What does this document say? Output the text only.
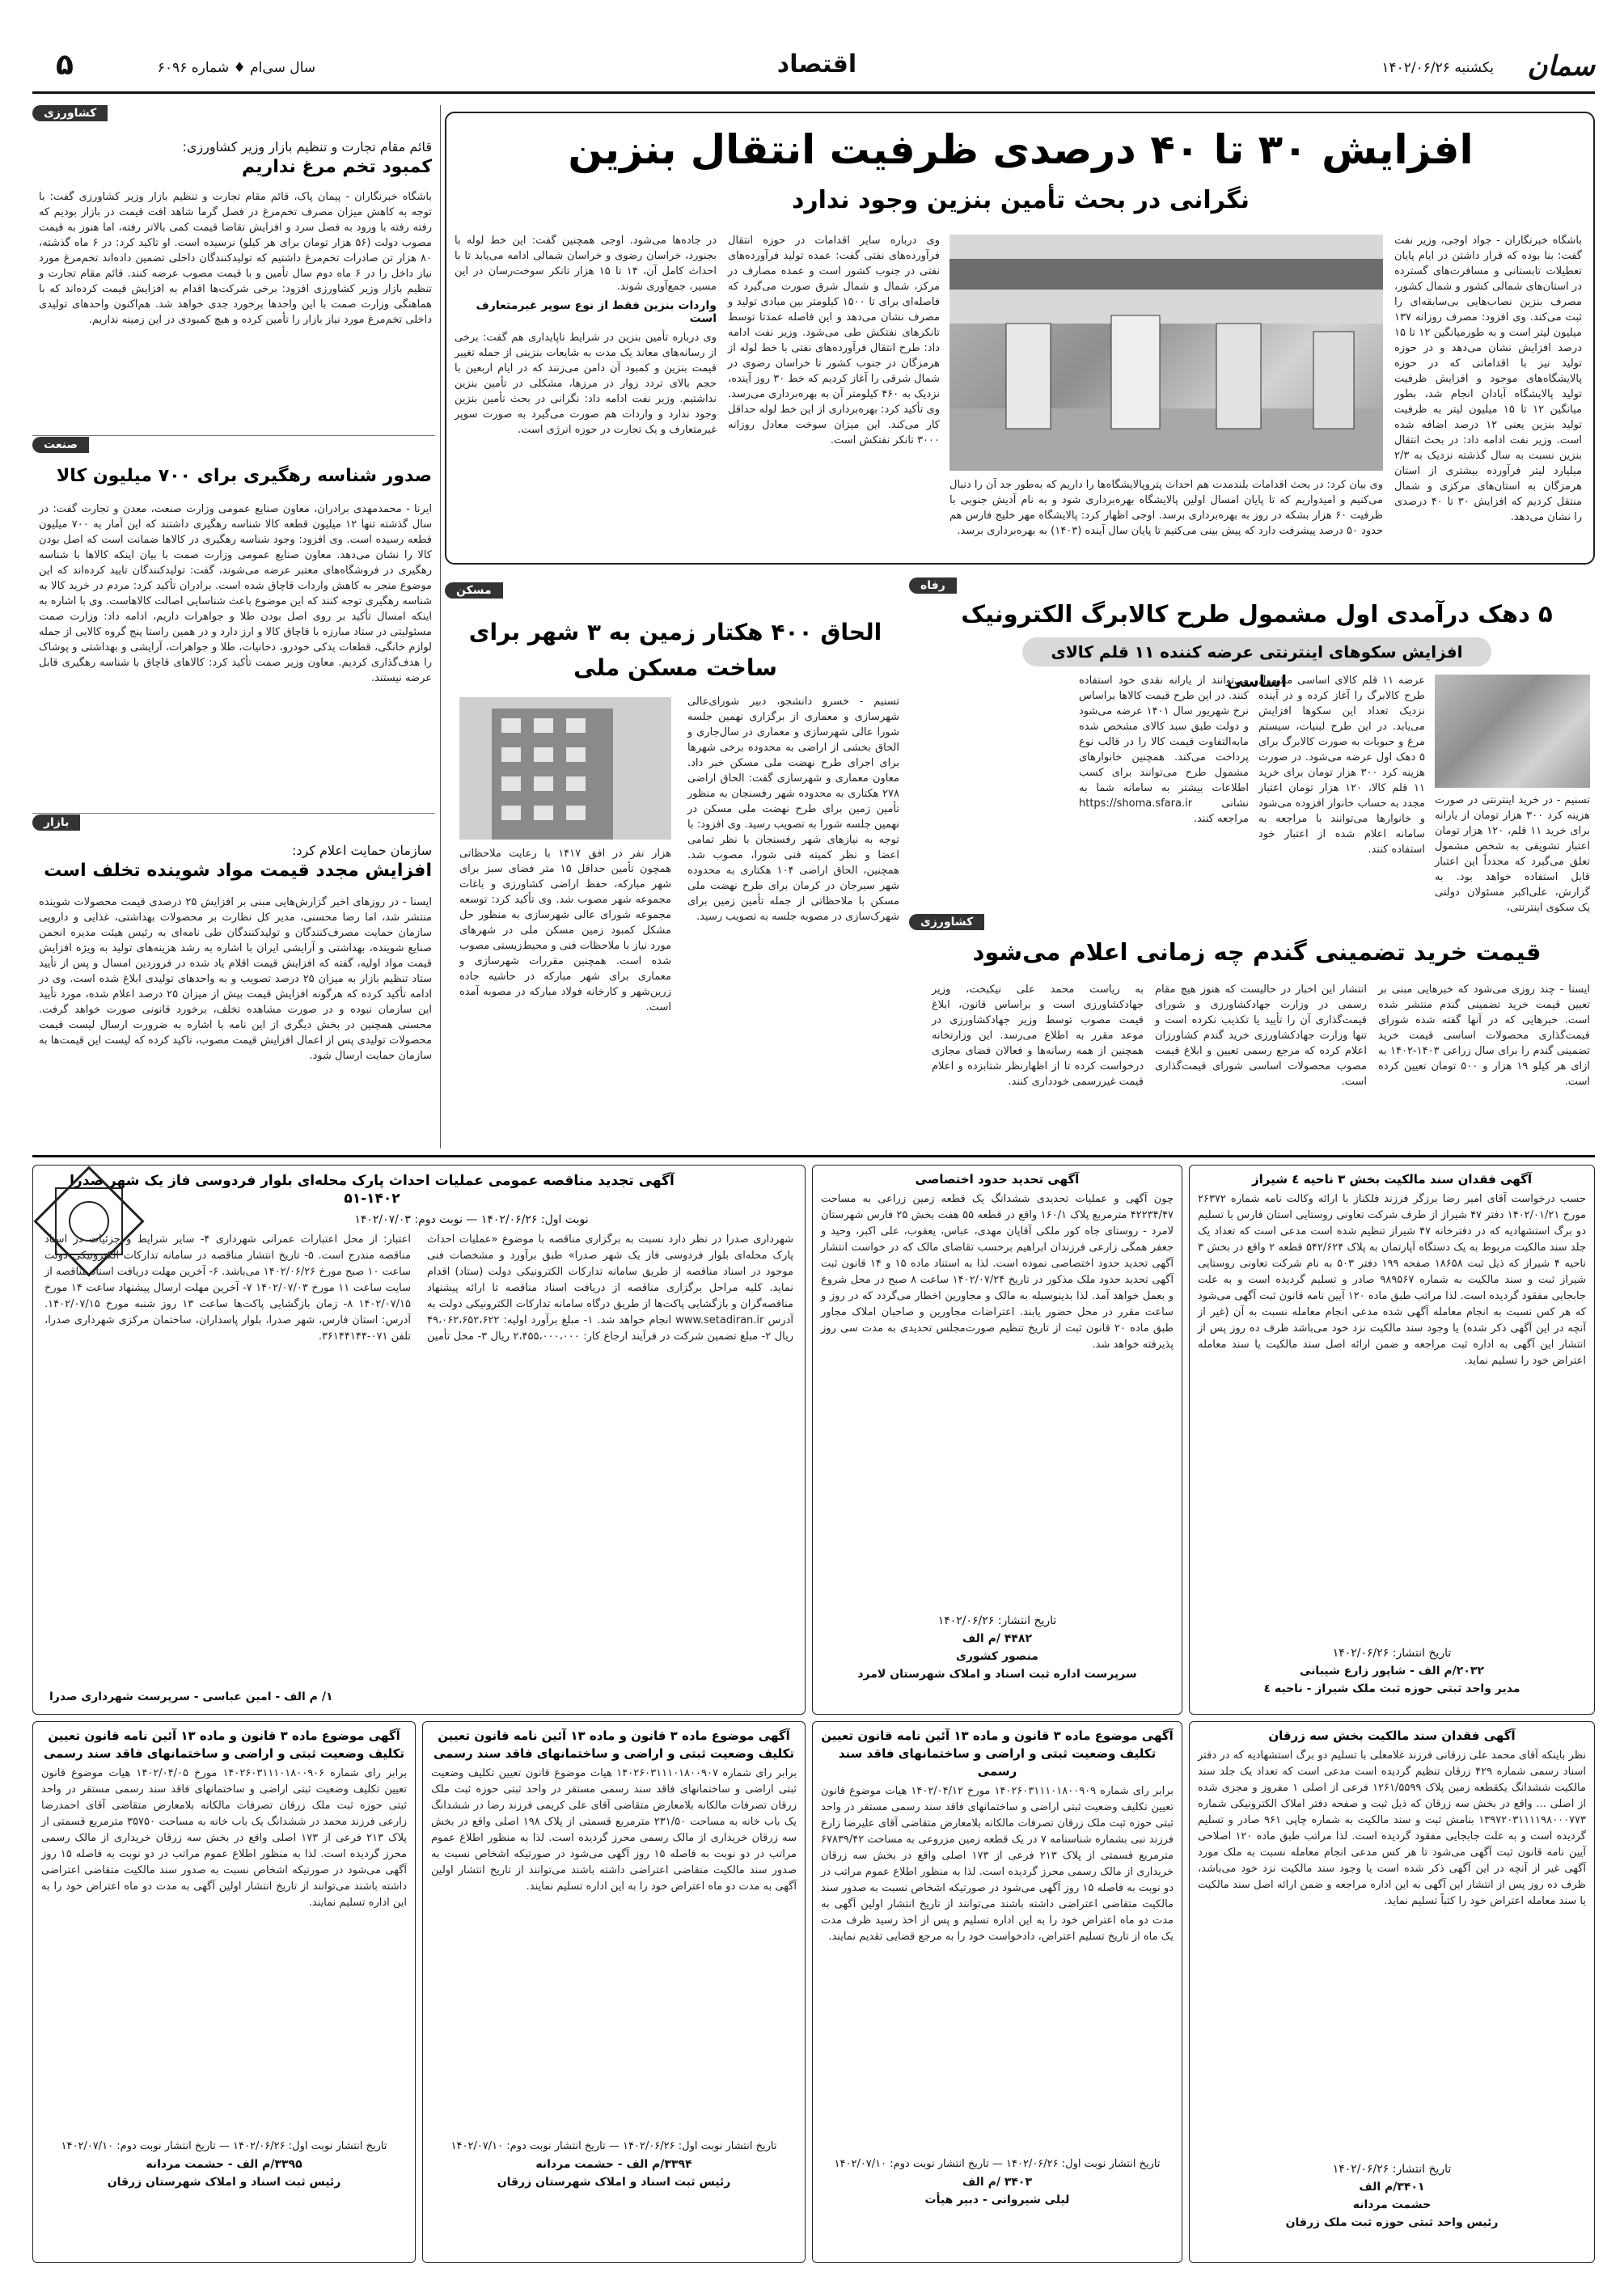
سمان
یکشنبه ۱۴۰۲/۰۶/۲۶
اقتصاد
سال سی‌ام ♦ شماره ۶۰۹۶
۵
افزایش ۳۰ تا ۴۰ درصدی ظرفیت انتقال بنزین
نگرانی در بحث تأمین بنزین وجود ندارد
باشگاه خبرنگاران - جواد اوجی، وزیر نفت گفت: بنا بوده که قرار داشتن در ایام پایان تعطیلات تابستانی و مسافرت‌های گسترده در استان‌های شمالی کشور و شمال کشور، مصرف بنزین نصاب‌هایی بی‌سابقه‌ای را ثبت می‌کند. وی افزود: مصرف روزانه ۱۳۷ میلیون لیتر است و به طورمیانگین ۱۲ تا ۱۵ درصد افزایش نشان می‌دهد و در حوزه تولید نیز با اقداماتی که در حوزه پالایشگاه‌های موجود و افزایش ظرفیت تولید پالایشگاه آبادان انجام شد، بطور میانگین ۱۲ تا ۱۵ میلیون لیتر به ظرفیت تولید بنزین یعنی ۱۲ درصد اضافه شده است. وزیر نفت ادامه داد: در بحث انتقال بنزین نسبت به سال گذشته نزدیک به ۲/۳ میلیارد لیتر فرآورده بیشتری از استان هرمزگان به استان‌های مرکزی و شمال منتقل کردیم که افزایش ۳۰ تا ۴۰ درصدی را نشان می‌دهد.
وی بیان کرد: در بحث اقدامات بلندمدت هم احداث پتروپالایشگاه‌ها را داریم که به‌طور جد آن را دنبال می‌کنیم و امیدواریم که تا پایان امسال اولین پالایشگاه بهره‌برداری شود و به نام آدیش جنوبی با ظرفیت ۶۰ هزار بشکه در روز به بهره‌برداری برسد. اوجی اظهار کرد: پالایشگاه مهر خلیج فارس هم حدود ۵۰ درصد پیشرفت دارد که پیش بینی می‌کنیم تا پایان سال آینده (۱۴۰۳) به بهره‌برداری برسد.
وی درباره سایر اقدامات در حوزه انتقال فرآورده‌های نفتی گفت: عمده تولید فرآورده‌های نفتی در جنوب کشور است و عمده مصارف در مرکز، شمال و شمال شرق صورت می‌گیرد که فاصله‌ای برای تا ۱۵۰۰ کیلومتر بین مبادی تولید و مصرف نشان می‌دهد و این فاصله عمدتا توسط تانکرهای نفتکش طی می‌شود. وزیر نفت ادامه داد: طرح انتقال فرآورده‌های نفتی با خط لوله از هرمزگان در جنوب کشور تا خراسان رضوی در شمال شرقی را آغاز کردیم که خط ۳۰ روز آینده، نزدیک به ۴۶۰ کیلومتر آن به بهره‌برداری می‌رسد. وی تأکید کرد: بهره‌برداری از این خط لوله حداقل کار می‌کند. این میزان سوخت معادل روزانه ۳۰۰۰ تانکر نفتکش است.
در جاده‌ها می‌شود. اوجی همچنین گفت: این خط لوله با بجنورد، خراسان رضوی و خراسان شمالی ادامه می‌یابد تا با احداث کامل آن، ۱۴ تا ۱۵ هزار تانکر سوخت‌رسان در این مسیر، جمع‌آوری شوند.
واردات بنزین فقط از نوع سوپر غیرمتعارف است
وی درباره تأمین بنزین در شرایط ناپایداری هم گفت: برخی از رسانه‌های معاند یک مدت به شایعات بنزینی از جمله تغییر قیمت بنزین و کمبود آن دامن می‌زنند که در ایام اربعین با حجم بالای تردد زوار در مرزها، مشکلی در تأمین بنزین نداشتیم. وزیر نفت ادامه داد: نگرانی در بحث تأمین بنزین وجود ندارد و واردات هم صورت می‌گیرد به صورت سوپر غیرمتعارف و یک تجارت در حوزه انرژی است.
کشاورزی
قائم مقام تجارت و تنظیم بازار وزیر کشاورزی:
کمبود تخم مرغ نداریم
باشگاه خبرنگاران - پیمان پاک، قائم مقام تجارت و تنظیم بازار وزیر کشاورزی گفت: با توجه به کاهش میزان مصرف تخم‌مرغ در فصل گرما شاهد افت قیمت در بازار بودیم که رفته رفته با ورود به فصل سرد و افزایش تقاضا قیمت کمی بالاتر رفته، اما هنوز به قیمت مصوب دولت (۵۶ هزار تومان برای هر کیلو) نرسیده است. او تاکید کرد: در ۶ ماه گذشته، ۸۰ هزار تن صادرات تخم‌مرغ داشتیم که تولیدکنندگان داخلی تضمین داده‌اند تخم‌مرغ مورد نیاز داخل را در ۶ ماه دوم سال تأمین و با قیمت مصوب عرضه کنند. قائم مقام تجارت و تنظیم بازار وزیر کشاورزی افزود: برخی شرکت‌ها اقدام به افزایش قیمت کرده‌اند که با هماهنگی وزارت صمت با این واحدها برخورد جدی خواهد شد. هم‌اکنون واحدهای تولیدی داخلی تخم‌مرغ مورد نیاز بازار را تأمین کرده و هیچ کمبودی در این زمینه نداریم.
صنعت
صدور شناسه رهگیری برای ۷۰۰ میلیون کالا
ایرنا - محمدمهدی برادران، معاون صنایع عمومی وزارت صنعت، معدن و تجارت گفت: در سال گذشته تنها ۱۲ میلیون قطعه کالا شناسه رهگیری داشتند که این آمار به ۷۰۰ میلیون قطعه رسیده است. وی افزود: وجود شناسه رهگیری در کالاها ضمانت است که اصل بودن کالا را نشان می‌دهد. معاون صنایع عمومی وزارت صمت با بیان اینکه کالاها با شناسه رهگیری در فروشگاه‌های معتبر عرضه می‌شوند، گفت: تولیدکنندگان تایید کرده‌اند که این موضوع منجر به کاهش واردات قاچاق شده است. برادران تأکید کرد: مردم در خرید کالا به شناسه رهگیری توجه کنند که این موضوع باعث شناسایی اصالت کالاهاست. وی با اشاره به اینکه امسال تأکید بر روی اصل بودن طلا و جواهرات داریم، ادامه داد: وزارت صمت مسئولیتی در ستاد مبارزه با قاچاق کالا و ارز دارد و در همین راستا پنج گروه کالایی از جمله لوازم خانگی، قطعات یدکی خودرو، دخانیات، طلا و جواهرات، آرایشی و بهداشتی و پوشاک را هدف‌گذاری کردیم. معاون وزیر صمت تأکید کرد: کالاهای قاچاق با شناسه رهگیری قابل عرضه نیستند.
بازار
سازمان حمایت اعلام کرد:
افزایش مجدد قیمت مواد شوینده تخلف است
ایسنا - در روزهای اخیر گزارش‌هایی مبنی بر افزایش ۲۵ درصدی قیمت محصولات شوینده منتشر شد، اما رضا محسنی، مدیر کل نظارت بر محصولات بهداشتی، غذایی و دارویی سازمان حمایت مصرف‌کنندگان و تولیدکنندگان طی نامه‌ای به رئیس هیئت مدیره انجمن صنایع شوینده، بهداشتی و آرایشی ایران با اشاره به رشد هزینه‌های تولید به ویژه افزایش قیمت مواد اولیه، گفته که افزایش قیمت اقلام یاد شده در فروردین امسال و پس از تأیید ستاد تنظیم بازار به میزان ۲۵ درصد تصویب و به واحدهای تولیدی ابلاغ شده است. وی در ادامه تأکید کرده که هرگونه افزایش قیمت بیش از میزان ۲۵ درصد اعلام شده، مورد تأیید این سازمان نبوده و در صورت مشاهده تخلف، برخورد قانونی صورت خواهد گرفت. محسنی همچنین در بخش دیگری از این نامه با اشاره به ضرورت ارسال لیست قیمت محصولات تولیدی پس از اعمال افزایش قیمت مصوب، تاکید کرده که لیست این قیمت‌ها به سازمان حمایت ارسال شود.
رفاه
۵ دهک درآمدی اول مشمول طرح کالابرگ الکترونیک
افزایش سکوهای اینترنتی عرضه کننده ۱۱ قلم کالای اساسی
تسنیم - در خرید اینترنتی در صورت هزینه کرد ۳۰۰ هزار تومان از یارانه برای خرید ۱۱ قلم، ۱۲۰ هزار تومان اعتبار تشویقی به شخص مشمول تعلق می‌گیرد که مجدداً این اعتبار قابل استفاده خواهد بود. به گزارش، علی‌اکبر مسئولان دولتی یک سکوی اینترنتی،
عرضه ۱۱ قلم کالای اساسی مشمول طرح کالابرگ را آغاز کرده و در آینده نزدیک تعداد این سکوها افزایش می‌یابد. در این طرح لبنیات، سیستم مرغ و حبوبات به صورت کالابرگ برای ۵ دهک اول عرضه می‌شود. در صورت هزینه کرد ۳۰۰ هزار تومان برای خرید ۱۱ قلم کالا، ۱۲۰ هزار تومان اعتبار مجدد به حساب خانوار افزوده می‌شود و خانوارها می‌توانند با مراجعه به سامانه اعلام شده از اعتبار خود استفاده کنند.
می‌توانند از یارانه نقدی خود استفاده کنند. در این طرح قیمت کالاها براساس نرخ شهریور سال ۱۴۰۱ عرضه می‌شود و دولت طبق سبد کالای مشخص شده مابه‌التفاوت قیمت کالا را در قالب نوع پرداخت می‌کند. همچنین خانوارهای مشمول طرح می‌توانند برای کسب اطلاعات بیشتر به سامانه شما به نشانی https://shoma.sfara.ir مراجعه کنند.
کشاورزی
قیمت خرید تضمینی گندم چه زمانی اعلام می‌شود
ایسنا - چند روزی می‌شود که خبرهایی مبنی بر تعیین قیمت خرید تضمینی گندم منتشر شده است. خبرهایی که در آنها گفته شده شورای قیمت‌گذاری محصولات اساسی قیمت خرید تضمینی گندم را برای سال زراعی ۱۴۰۳-۱۴۰۲ به ازای هر کیلو ۱۹ هزار و ۵۰۰ تومان تعیین کرده است.
انتشار این اخبار در حالیست که هنوز هیچ مقام رسمی در وزارت جهادکشاورزی و شورای قیمت‌گذاری آن را تأیید یا تکذیب نکرده است و تنها وزارت جهادکشاورزی خرید گندم کشاورزان اعلام کرده که مرجع رسمی تعیین و ابلاغ قیمت مصوب محصولات اساسی شورای قیمت‌گذاری است.
به ریاست محمد علی نیکبخت، وزیر جهادکشاورزی است و براساس قانون، ابلاغ قیمت مصوب توسط وزیر جهادکشاورزی در موعد مقرر به اطلاع می‌رسد. این وزارتخانه همچنین از همه رسانه‌ها و فعالان فضای مجازی درخواست کرده تا از اظهارنظر شتابزده و اعلام قیمت غیررسمی خودداری کنند.
مسکن
الحاق ۴۰۰ هکتار زمین به ۳ شهر برای ساخت مسکن ملی
تسنیم - خسرو دانشجو، دبیر شورای‌عالی شهرسازی و معماری از برگزاری نهمین جلسه شورا عالی شهرسازی و معماری در سال‌جاری و الحاق بخشی از اراضی به محدوده برخی شهرها برای اجرای طرح نهضت ملی مسکن خبر داد. معاون معماری و شهرسازی گفت: الحاق اراضی ۲۷۸ هکتاری به محدوده شهر رفسنجان به منظور تأمین زمین برای طرح نهضت ملی مسکن در نهمین جلسه شورا به تصویب رسید. وی افزود: با توجه به نیازهای شهر رفسنجان با نظر تمامی اعضا و نظر کمیته فنی شورا، مصوب شد. همچنین، الحاق اراضی ۱۰۴ هکتاری به محدوده شهر سیرجان در کرمان برای طرح نهضت ملی مسکن با ملاحظاتی از جمله تأمین زمین برای شهرک‌سازی در مصوبه جلسه به تصویب رسید.
هزار نفر در افق ۱۴۱۷ با رعایت ملاحظاتی همچون تأمین حداقل ۱۵ متر فضای سبز برای شهر مبارکه، حفظ اراضی کشاورزی و باغات مجموعه شهر مصوب شد. وی تأکید کرد: توسعه مجموعه شورای عالی شهرسازی به منظور حل مشکل کمبود زمین مسکن ملی در شهرهای مورد نیاز با ملاحظات فنی و محیط‌زیستی مصوب شده است. همچنین مقررات شهرسازی و معماری برای شهر مبارکه در حاشیه جاده زرین‌شهر و کارخانه فولاد مبارکه در مصوبه آمده است.
آگهی فقدان سند مالکیت بخش ۳ ناحیه ٤ شیراز
حسب درخواست آقای امیر رضا برزگر فرزند فلکناز با ارائه وکالت نامه شماره ۲۶۳۷۲ مورخ ۱۴۰۲/۰۱/۲۱ دفتر ۴۷ شیراز از طرف شرکت تعاونی روستایی استان فارس با تسلیم دو برگ استشهادیه که در دفترخانه ۴۷ شیراز تنظیم شده است مدعی است که تعداد یک جلد سند مالکیت مربوط به یک دستگاه آپارتمان به پلاک ۵۴۲/۶۲۴ قطعه ۲ واقع در بخش ۳ ناحیه ۴ شیراز که ذیل ثبت ۱۸۶۵۸ صفحه ۱۹۹ دفتر ۵۰۳ به نام شرکت تعاونی روستایی شیراز ثبت و سند مالکیت به شماره ۹۸۹۵۶۷ صادر و تسلیم گردیده است و به علت جابجایی مفقود گردیده است. لذا مراتب طبق ماده ۱۲۰ آیین نامه قانون ثبت آگهی می‌شود که هر کس نسبت به انجام معامله آگهی شده مدعی انجام معامله نسبت به آن (غیر از آنچه در این آگهی ذکر شده) یا وجود سند مالکیت نزد خود می‌باشد ظرف ده روز پس از انتشار این آگهی به اداره ثبت مراجعه و ضمن ارائه اصل سند مالکیت یا سند معامله اعتراض خود را تسلیم نماید.
تاریخ انتشار: ۱۴۰۲/۰۶/۲۶
۲۰۳۲/م الف - شاپور زارع شیبانی
مدیر واحد ثبتی حوزه ثبت ملک شیراز - ناحیه ٤
آگهی تحدید حدود اختصاصی
چون آگهی و عملیات تحدیدی ششدانگ یک قطعه زمین زراعی به مساحت ۴۲۲۳۴/۴۷ مترمربع پلاک ۱۶۰/۱ واقع در قطعه ۵۵ هفت بخش ۲۵ فارس شهرستان لامرد - روستای جاه کور ملکی آقایان مهدی، عباس، یعقوب، علی اکبر، وحید و جعفر همگی زارعی فرزندان ابراهیم برحسب تقاضای مالک که در خواست انتشار آگهی تحدید حدود اختصاصی نموده است. لذا به استناد ماده ۱۵ و ۱۴ قانون ثبت آگهی تحدید حدود ملک مذکور در تاریخ ۱۴۰۲/۰۷/۲۴ ساعت ۸ صبح در محل شروع و بعمل خواهد آمد. لذا بدینوسیله به مالک و مجاورین اخطار می‌گردد که در روز و ساعت مقرر در محل حضور یابند. اعتراضات مجاورین و صاحبان املاک مجاور طبق ماده ۲۰ قانون ثبت از تاریخ تنظیم صورت‌مجلس تحدیدی به مدت سی روز پذیرفته خواهد شد.
تاریخ انتشار: ۱۴۰۲/۰۶/۲۶
۴۴۸۲ /م الف
منصور کشوری
سرپرست اداره ثبت اسناد و املاک شهرستان لامرد
آگهی تجدید مناقصه عمومی عملیات احداث پارک محله‌ای بلوار فردوسی فاز یک شهر صدرا ۱۴۰۲-۵۱
نوبت اول: ۱۴۰۲/۰۶/۲۶ — نوبت دوم: ۱۴۰۲/۰۷/۰۳
شهرداری صدرا در نظر دارد نسبت به برگزاری مناقصه با موضوع «عملیات احداث پارک محله‌ای بلوار فردوسی فاز یک شهر صدرا» طبق برآورد و مشخصات فنی موجود در اسناد مناقصه از طریق سامانه تدارکات الکترونیکی دولت (ستاد) اقدام نماید. کلیه مراحل برگزاری مناقصه از دریافت اسناد مناقصه تا ارائه پیشنهاد مناقصه‌گران و بازگشایی پاکت‌ها از طریق درگاه سامانه تدارکات الکترونیکی دولت به آدرس www.setadiran.ir انجام خواهد شد. ۱- مبلغ برآورد اولیه: ۴۹،۰۶۲،۶۵۲،۶۲۲ ریال ۲- مبلغ تضمین شرکت در فرآیند ارجاع کار: ۲،۴۵۵،۰۰۰،۰۰۰ ریال ۳- محل تأمین اعتبار: از محل اعتبارات عمرانی شهرداری ۴- سایر شرایط و جزئیات در اسناد مناقصه مندرج است. ۵- تاریخ انتشار مناقصه در سامانه تدارکات الکترونیکی دولت ساعت ۱۰ صبح مورخ ۱۴۰۲/۰۶/۲۶ می‌باشد. ۶- آخرین مهلت دریافت اسناد مناقصه از سایت ساعت ۱۱ مورخ ۱۴۰۲/۰۷/۰۳ ۷- آخرین مهلت ارسال پیشنهاد ساعت ۱۴ مورخ ۱۴۰۲/۰۷/۱۵ ۸- زمان بازگشایی پاکت‌ها ساعت ۱۳ روز شنبه مورخ ۱۴۰۲/۰۷/۱۵. آدرس: استان فارس، شهر صدرا، بلوار پاسداران، ساختمان مرکزی شهرداری صدرا، تلفن ۰۷۱-۳۶۱۴۴۱۴۴.
۱/ م الف - امین عباسی - سرپرست شهرداری صدرا
آگهی فقدان سند مالکیت بخش سه زرقان
نظر باینکه آقای محمد علی زرقانی فرزند غلامعلی با تسلیم دو برگ استشهادیه که در دفتر اسناد رسمی شماره ۴۲۹ زرقان تنظیم گردیده است مدعی است که تعداد یک جلد سند مالکیت ششدانگ یکقطعه زمین پلاک ۱۲۶۱/۵۵۹۹ فرعی از اصلی ۱ مفروز و مجزی شده از اصلی ... واقع در بخش سه زرقان که ذیل ثبت و صفحه دفتر املاک الکترونیکی شماره ۱۳۹۷۲۰۳۱۱۱۱۹۸۰۰۰۷۷۳ بنامش ثبت و سند مالکیت به شماره چاپی ۹۶۱ صادر و تسلیم گردیده است و به علت جابجایی مفقود گردیده است. لذا مراتب طبق ماده ۱۲۰ اصلاحی آیین نامه قانون ثبت آگهی می‌شود تا هر کس مدعی انجام معامله نسبت به ملک مورد آگهی غیر از آنچه در این آگهی ذکر شده است یا وجود سند مالکیت نزد خود می‌باشد، ظرف ده روز پس از انتشار این آگهی به این اداره مراجعه و ضمن ارائه اصل سند مالکیت یا سند معامله اعتراض خود را کتباً تسلیم نماید.
تاریخ انتشار: ۱۴۰۲/۰۶/۲۶
۳۴۰۱/م الف
حشمت مردانه
رئیس واحد ثبتی حوزه ثبت ملک زرقان
آگهی موضوع ماده ۳ قانون و ماده ۱۳ آئین نامه قانون تعیین تکلیف وضعیت ثبتی و اراضی و ساختمانهای فاقد سند رسمی
برابر رای شماره ۱۴۰۲۶۰۳۱۱۱۰۱۸۰۰۹۰۹ مورخ ۱۴۰۲/۰۴/۱۲ هیات موضوع قانون تعیین تکلیف وضعیت ثبتی اراضی و ساختمانهای فاقد سند رسمی مستقر در واحد ثبتی حوزه ثبت ملک زرقان تصرفات مالکانه بلامعارض متقاضی آقای علیرضا زارع فرزند نبی بشماره شناسنامه ۷ در یک قطعه زمین مزروعی به مساحت ۶۷۸۳۹/۴۲ مترمربع قسمتی از پلاک ۲۱۳ فرعی از ۱۷۳ اصلی واقع در بخش سه زرقان خریداری از مالک رسمی محرز گردیده است. لذا به منظور اطلاع عموم مراتب در دو نوبت به فاصله ۱۵ روز آگهی می‌شود در صورتیکه اشخاص نسبت به صدور سند مالکیت متقاضی اعتراضی داشته باشند می‌توانند از تاریخ انتشار اولین آگهی به مدت دو ماه اعتراض خود را به این اداره تسلیم و پس از اخذ رسید ظرف مدت یک ماه از تاریخ تسلیم اعتراض، دادخواست خود را به مرجع قضایی تقدیم نمایند.
تاریخ انتشار نوبت اول: ۱۴۰۲/۰۶/۲۶ — تاریخ انتشار نوبت دوم: ۱۴۰۲/۰۷/۱۰
۳۴۰۳ /م الف
لیلی شیروانی - دبیر هیأت
آگهی موضوع ماده ۳ قانون و ماده ۱۳ آئین نامه قانون تعیین تکلیف وضعیت ثبتی و اراضی و ساختمانهای فاقد سند رسمی
برابر رای شماره ۱۴۰۲۶۰۳۱۱۱۰۱۸۰۰۹۰۷ هیات موضوع قانون تعیین تکلیف وضعیت ثبتی اراضی و ساختمانهای فاقد سند رسمی مستقر در واحد ثبتی حوزه ثبت ملک زرقان تصرفات مالکانه بلامعارض متقاضی آقای علی کریمی فرزند رضا در ششدانگ یک باب خانه به مساحت ۲۳۱/۵۰ مترمربع قسمتی از پلاک ۱۹۸ اصلی واقع در بخش سه زرقان خریداری از مالک رسمی محرز گردیده است. لذا به منظور اطلاع عموم مراتب در دو نوبت به فاصله ۱۵ روز آگهی می‌شود در صورتیکه اشخاص نسبت به صدور سند مالکیت متقاضی اعتراضی داشته باشند می‌توانند از تاریخ انتشار اولین آگهی به مدت دو ماه اعتراض خود را به این اداره تسلیم نمایند.
تاریخ انتشار نوبت اول: ۱۴۰۲/۰۶/۲۶ — تاریخ انتشار نوبت دوم: ۱۴۰۲/۰۷/۱۰
۳۳۹۴/م الف - حشمت مردانه
رئیس ثبت اسناد و املاک شهرستان زرقان
آگهی موضوع ماده ۳ قانون و ماده ۱۳ آئین نامه قانون تعیین تکلیف وضعیت ثبتی و اراضی و ساختمانهای فاقد سند رسمی
برابر رای شماره ۱۴۰۲۶۰۳۱۱۱۰۱۸۰۰۹۰۶ مورخ ۱۴۰۲/۰۴/۰۵ هیات موضوع قانون تعیین تکلیف وضعیت ثبتی اراضی و ساختمانهای فاقد سند رسمی مستقر در واحد ثبتی حوزه ثبت ملک زرقان تصرفات مالکانه بلامعارض متقاضی آقای احمدرضا زارعی فرزند محمد در ششدانگ یک باب خانه به مساحت ۳۵۷۵۰ مترمربع قسمتی از پلاک ۲۱۳ فرعی از ۱۷۳ اصلی واقع در بخش سه زرقان خریداری از مالک رسمی محرز گردیده است. لذا به منظور اطلاع عموم مراتب در دو نوبت به فاصله ۱۵ روز آگهی می‌شود در صورتیکه اشخاص نسبت به صدور سند مالکیت متقاضی اعتراضی داشته باشند می‌توانند از تاریخ انتشار اولین آگهی به مدت دو ماه اعتراض خود را به این اداره تسلیم نمایند.
تاریخ انتشار نوبت اول: ۱۴۰۲/۰۶/۲۶ — تاریخ انتشار نوبت دوم: ۱۴۰۲/۰۷/۱۰
۳۳۹۵/م الف - حشمت مردانه
رئیس ثبت اسناد و املاک شهرستان زرقان
